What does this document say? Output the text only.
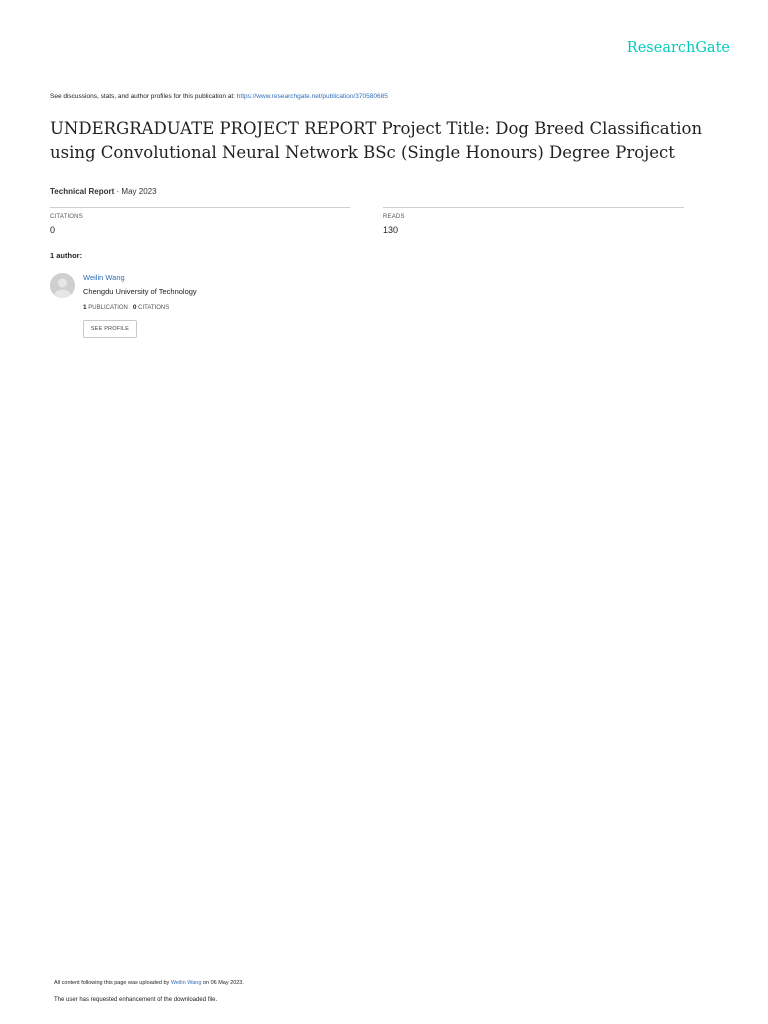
ResearchGate
See discussions, stats, and author profiles for this publication at: https://www.researchgate.net/publication/370580685
UNDERGRADUATE PROJECT REPORT Project Title: Dog Breed Classification
using Convolutional Neural Network BSc (Single Honours) Degree Project
Technical Report · May 2023
CITATIONS
0
READS
130
1 author:
Weilin Wang
Chengdu University of Technology
1 PUBLICATION 0 CITATIONS
SEE PROFILE
All content following this page was uploaded by Weilin Wang on 06 May 2023.
The user has requested enhancement of the downloaded file.
